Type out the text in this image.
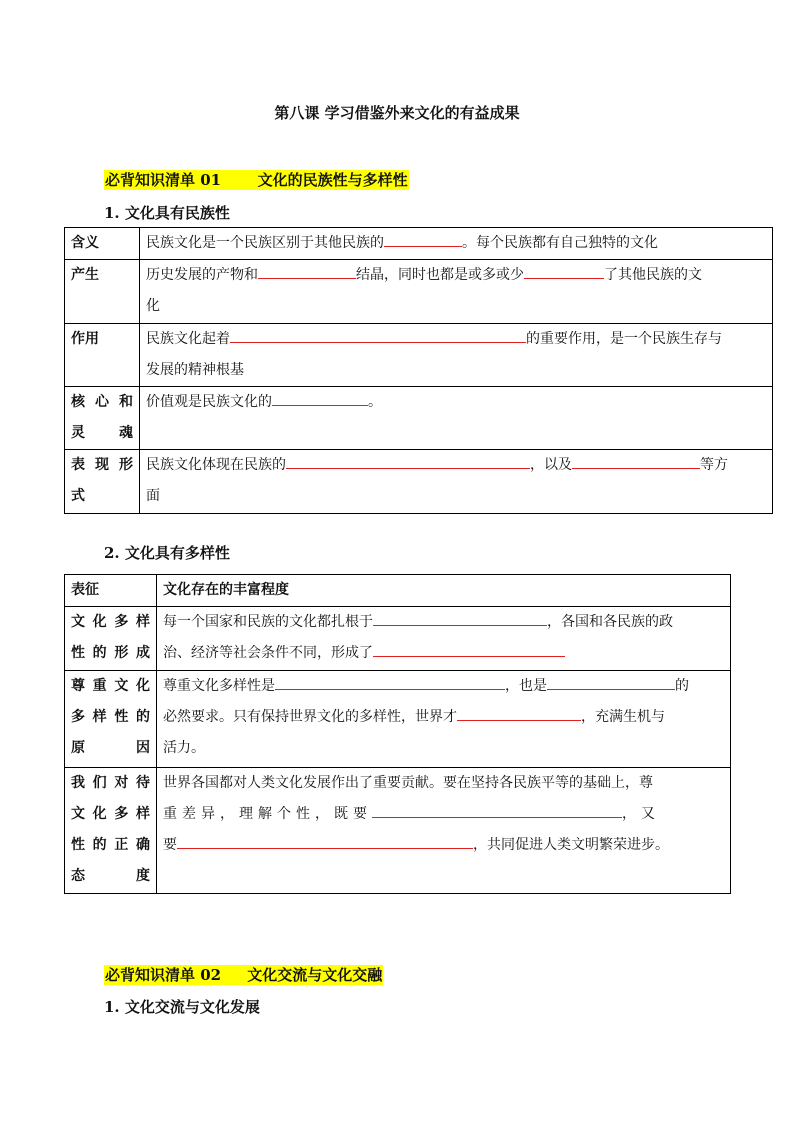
第八课 学习借鉴外来文化的有益成果
必背知识清单 01       文化的民族性与多样性
1. 文化具有民族性
含义	民族文化是一个民族区别于其他民族的 。每个民族都有自己独特的文化
产生	历史发展的产物和 结晶，同时也都是或多或少 了其他民族的文
化
作用	民族文化起着 的重要作用，是一个民族生存与
发展的精神根基
核心和
灵魂	价值观是民族文化的 。
表现形
式	民族文化体现在民族的 ，以及 等方
面
2. 文化具有多样性
表征	文化存在的丰富程度
文化多样
性的形成	每一个国家和民族的文化都扎根于 ，各国和各民族的政
治、经济等社会条件不同，形成了
尊重文化
多样性的
原因	尊重文化多样性是 ，也是 的
必然要求。只有保持世界文化的多样性，世界才 ，充满生机与
活力。
我们对待
文化多样
性的正确
态度	世界各国都对人类文化发展作出了重要贡献。要在坚持各民族平等的基础上，尊
重差异，理解个性，既要 ，又
要 ，共同促进人类文明繁荣进步。
必背知识清单 02     文化交流与文化交融
1. 文化交流与文化发展
